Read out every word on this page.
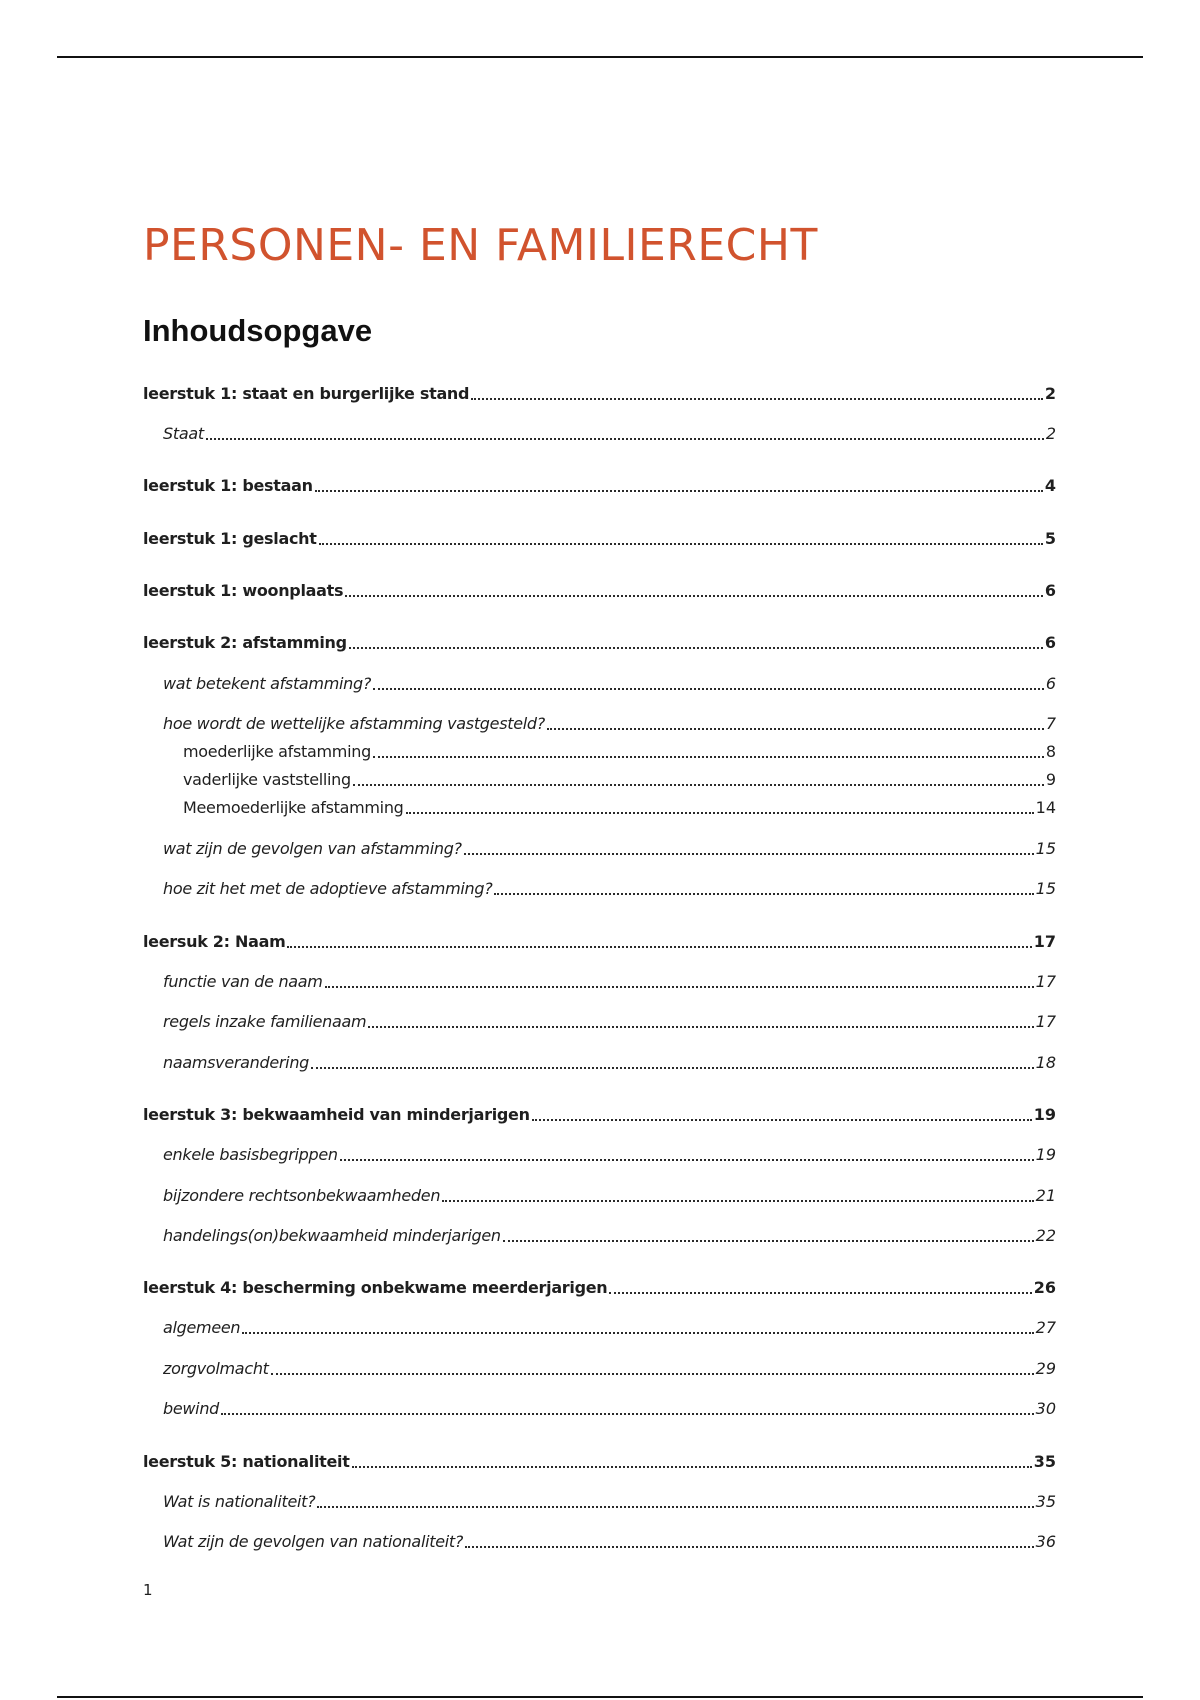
PERSONEN- EN FAMILIERECHT
Inhoudsopgave
leerstuk 1: staat en burgerlijke stand	2
Staat	2
leerstuk 1: bestaan	4
leerstuk 1: geslacht	5
leerstuk 1: woonplaats	6
leerstuk 2: afstamming	6
wat betekent afstamming?	6
hoe wordt de wettelijke afstamming vastgesteld?	7
moederlijke afstamming	8
vaderlijke vaststelling	9
Meemoederlijke afstamming	14
wat zijn de gevolgen van afstamming?	15
hoe zit het met de adoptieve afstamming?	15
leersuk 2: Naam	17
functie van de naam	17
regels inzake familienaam	17
naamsverandering	18
leerstuk 3: bekwaamheid van minderjarigen	19
enkele basisbegrippen	19
bijzondere rechtsonbekwaamheden	21
handelings(on)bekwaamheid minderjarigen	22
leerstuk 4: bescherming onbekwame meerderjarigen	26
algemeen	27
zorgvolmacht	29
bewind	30
leerstuk 5: nationaliteit	35
Wat is nationaliteit?	35
Wat zijn de gevolgen van nationaliteit?	36
1
